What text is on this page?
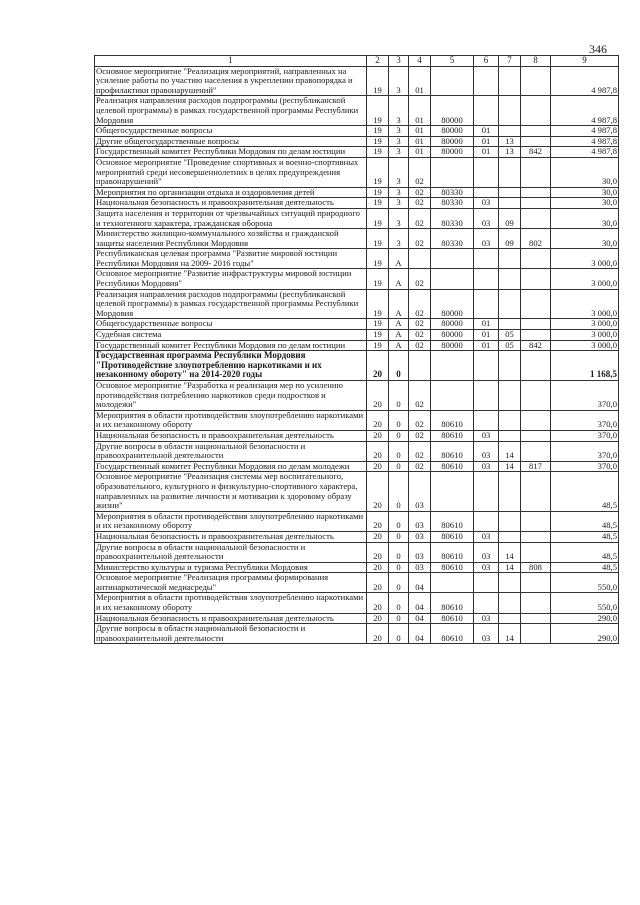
346
1	2	3	4	5	6	7	8	9
Основное мероприятие "Реализация мероприятий, направленных на усиление работы по участию населения в укреплении правопорядка и профилактики правонарушений"	19	3	01					4 987,8
Реализация направления расходов подпрограммы (республиканской целевой программы) в рамках государственной программы Республики Мордовия	19	3	01	80000				4 987,8
Общегосударственные вопросы	19	3	01	80000	01			4 987,8
Другие общегосударственные вопросы	19	3	01	80000	01	13		4 987,8
Государственный комитет Республики Мордовия по делам юстиции	19	3	01	80000	01	13	842	4 987,8
Основное мероприятие "Проведение спортивных и военно-спортивных мероприятий среди несовершеннолетних в целях предупреждения правонарушений"	19	3	02					30,0
Мероприятия по организации отдыха и оздоровления детей	19	3	02	80330				30,0
Национальная безопасность и правоохранительная деятельность	19	3	02	80330	03			30,0
Защита населения и территории от чрезвычайных ситуаций природного и техногенного характера, гражданская оборона	19	3	02	80330	03	09		30,0
Министерство жилищно-коммунального хозяйства и гражданской защиты населения Республики Мордовия	19	3	02	80330	03	09	802	30,0
Республиканская целевая программа "Развитие мировой юстиции Республики Мордовия на 2009- 2016 годы"	19	А						3 000,0
Основное мероприятие "Развитие инфраструктуры мировой юстиции Республики Мордовия"	19	А	02					3 000,0
Реализация направления расходов подпрограммы (республиканской целевой программы) в рамках государственной программы Республики Мордовия	19	А	02	80000				3 000,0
Общегосударственные вопросы	19	А	02	80000	01			3 000,0
Судебная система	19	А	02	80000	01	05		3 000,0
Государственный комитет Республики Мордовия по делам юстиции	19	А	02	80000	01	05	842	3 000,0
Государственная программа Республики Мордовия "Противодействие злоупотреблению наркотиками и их незаконному обороту" на 2014-2020 годы	20	0						1 168,5
Основное мероприятие "Разработка и реализация мер по усилению противодействия потреблению наркотиков среди подростков и молодежи"	20	0	02					370,0
Мероприятия в области противодействия злоупотреблению наркотиками и их незаконному обороту	20	0	02	80610				370,0
Национальная безопасность и правоохранительная деятельность	20	0	02	80610	03			370,0
Другие вопросы в области национальной безопасности и правоохранительной деятельности	20	0	02	80610	03	14		370,0
Государственный комитет Республики Мордовия по делам молодежи	20	0	02	80610	03	14	817	370,0
Основное мероприятие "Реализация системы мер воспитательного, образовательного, культурного и физкультурно-спортивного характера, направленных на развитие личности и мотивации к здоровому образу жизни"	20	0	03					48,5
Мероприятия в области противодействия злоупотреблению наркотиками и их незаконному обороту	20	0	03	80610				48,5
Национальная безопасность и правоохранительная деятельность	20	0	03	80610	03			48,5
Другие вопросы в области национальной безопасности и правоохранительной деятельности	20	0	03	80610	03	14		48,5
Министерство культуры и туризма Республики Мордовия	20	0	03	80610	03	14	808	48,5
Основное мероприятие "Реализация программы формирования антинаркотической медиасреды"	20	0	04					550,0
Мероприятия в области противодействия злоупотреблению наркотиками и их незаконному обороту	20	0	04	80610				550,0
Национальная безопасность и правоохранительная деятельность	20	0	04	80610	03			290,0
Другие вопросы в области национальной безопасности и правоохранительной деятельности	20	0	04	80610	03	14		290,0
